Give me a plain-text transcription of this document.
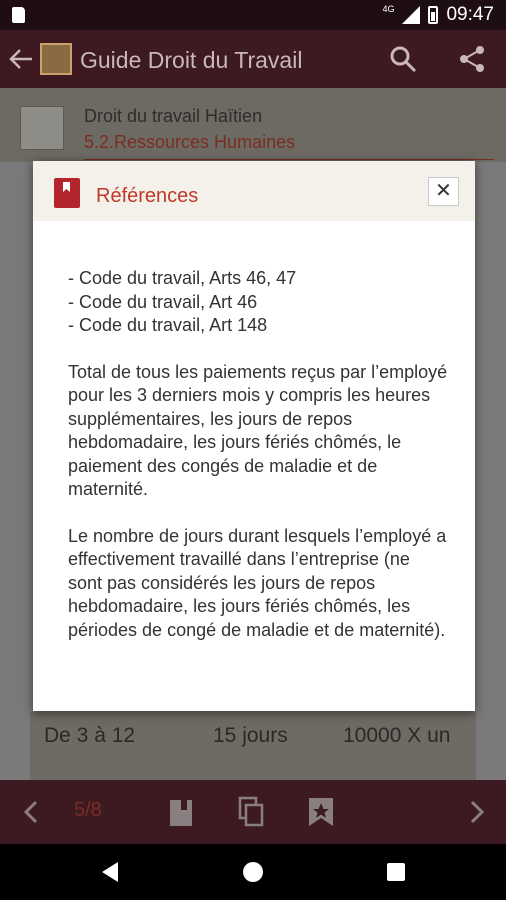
4G	09:47
Guide Droit du Travail
Droit du travail Haïtien
5.2.Ressources Humaines
De 3 à 12	15 jours	10000 X un
5/8
Références	✕

- Code du travail, Arts 46, 47
- Code du travail, Art 46
- Code du travail, Art 148

Total de tous les paiements reçus par l’employé pour les 3 derniers mois y compris les heures supplémentaires, les jours de repos hebdomadaire, les jours fériés chômés, le paiement des congés de maladie et de maternité.

Le nombre de jours durant lesquels l’employé a effectivement travaillé dans l’entreprise (ne sont pas considérés les jours de repos hebdomadaire, les jours fériés chômés, les périodes de congé de maladie et de maternité).
